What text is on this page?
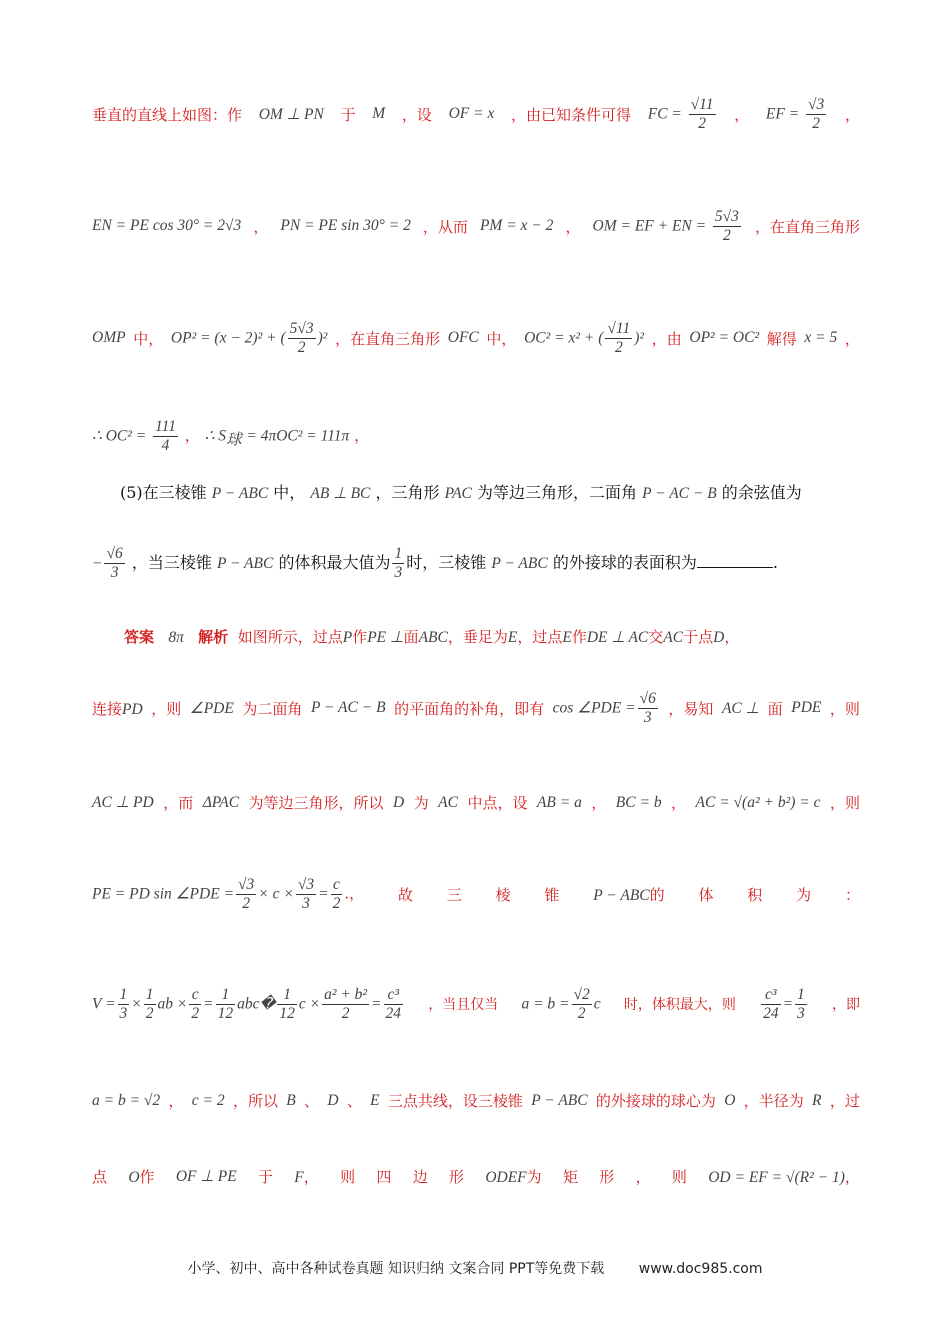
垂直的直线上如图：作 OM ⊥ PN 于 M ，设 OF = x ，由已知条件可得 FC = $\frac{√11}{2}$ ， EF = $\frac{√3}{2}$ ，
EN = PE cos 30° = 2√3 ， PN = PE sin 30° = 2 ，从而 PM = x − 2 ， OM = EF + EN = $\frac{5√3}{2}$ ，在直角三角形
OMP 中， OP² = (x − 2)² + ( $\frac{5√3}{2} )^2$ ，在直角三角形 OFC 中， OC² = x² + ( $\frac{√11}{2} )^2$ ，由 OP² = OC² 解得 x = 5 ，
∴ $OC^2 = \frac{111}{4}$ ， ∴ $S_球 = 4\pi OC^2 = 111\pi$ ，
(5)在三棱锥 P − ABC 中， AB ⊥ BC ，三角形 PAC 为等边三角形，二面角 P − AC − B 的余弦值为
− $\frac{√6}{3}$ ，当三棱锥 P − ABC 的体积最大值为 $\frac{1}{3}$ 时，三棱锥 P − ABC 的外接球的表面积为	.
答案 8π 解析 如图所示，过点P作PE ⊥面ABC，垂足为E，过点E作DE ⊥ AC交AC于点D，
连接PD ，则 ∠PDE 为二面角 P − AC − B 的平面角的补角，即有 cos ∠PDE = $\frac{√6}{3}$ ，易知 AC ⊥ 面 PDE ，则
AC ⊥ PD ，而 ΔPAC 为等边三角形，所以 D 为 AC 中点，设 AB = a ， BC = b ， AC = √(a² + b²) = c ，则
PE = PD sin ∠PDE = $\frac{√3}{2} \times c \times \frac{√3}{3} = \frac{c}{2}$ .， 故 三 棱 锥 P − ABC的 体 积 为 ：
$V = \frac{1}{3} \times \frac{1}{2}$ ab × $\frac{c}{2} = \frac{1}{12}$ abc� $\frac{1}{12}$ $c \times \frac{\text{a² + b²}}{2} = \frac{\text{c³}}{24}$ ，当且仅当 $a = b = \frac{√2}{2}$ c 时，体积最大，则 $\frac{\text{c³}}{24} = \frac{1}{3}$ ，即
a = b = √2 ， c = 2 ，所以 B 、 D 、 E 三点共线，设三棱锥 P − ABC 的外接球的球心为 O ，半径为 R ，过
点 O作 OF ⊥ PE 于 F， 则 四 边 形 ODEF为 矩 形 ， 则 OD = EF = √(R² − 1)，
小学、初中、高中各种试卷真题 知识归纳 文案合同 PPT等免费下载 www.doc985.com
